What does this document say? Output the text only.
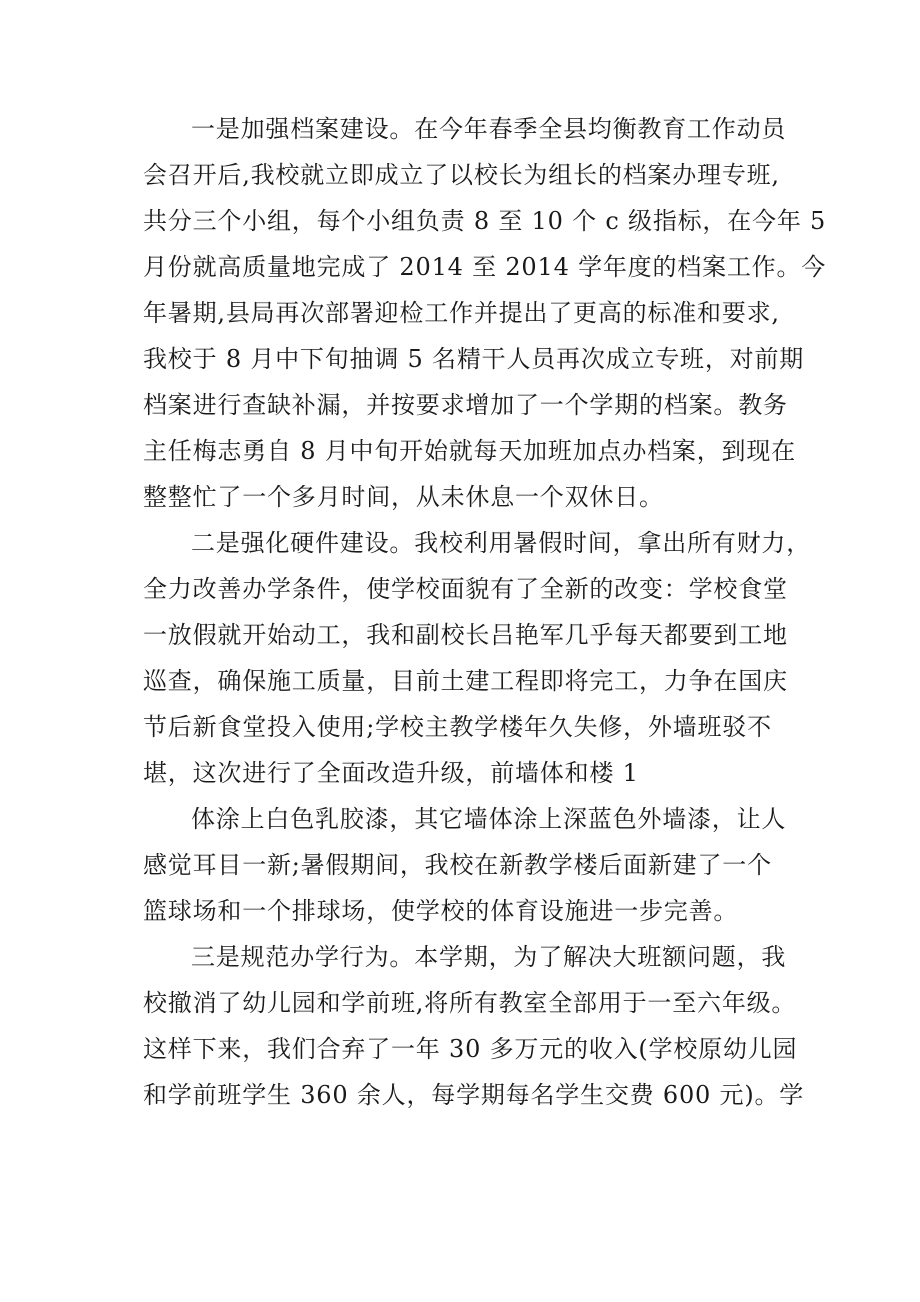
一是加强档案建设。在今年春季全县均衡教育工作动员
会召开后,我校就立即成立了以校长为组长的档案办理专班,
共分三个小组，每个小组负责 8 至 10 个 c 级指标，在今年 5
月份就高质量地完成了 2014 至 2014 学年度的档案工作。今
年暑期,县局再次部署迎检工作并提出了更高的标准和要求,
我校于 8 月中下旬抽调 5 名精干人员再次成立专班，对前期
档案进行查缺补漏，并按要求增加了一个学期的档案。教务
主任梅志勇自 8 月中旬开始就每天加班加点办档案，到现在
整整忙了一个多月时间，从未休息一个双休日。
二是强化硬件建设。我校利用暑假时间，拿出所有财力，
全力改善办学条件，使学校面貌有了全新的改变：学校食堂
一放假就开始动工，我和副校长吕艳军几乎每天都要到工地
巡查，确保施工质量，目前土建工程即将完工，力争在国庆
节后新食堂投入使用;学校主教学楼年久失修，外墙班驳不
堪，这次进行了全面改造升级，前墙体和楼 1
体涂上白色乳胶漆，其它墙体涂上深蓝色外墙漆，让人
感觉耳目一新;暑假期间，我校在新教学楼后面新建了一个
篮球场和一个排球场，使学校的体育设施进一步完善。
三是规范办学行为。本学期，为了解决大班额问题，我
校撤消了幼儿园和学前班,将所有教室全部用于一至六年级。
这样下来，我们合弃了一年 30 多万元的收入(学校原幼儿园
和学前班学生 360 余人，每学期每名学生交费 600 元)。学
